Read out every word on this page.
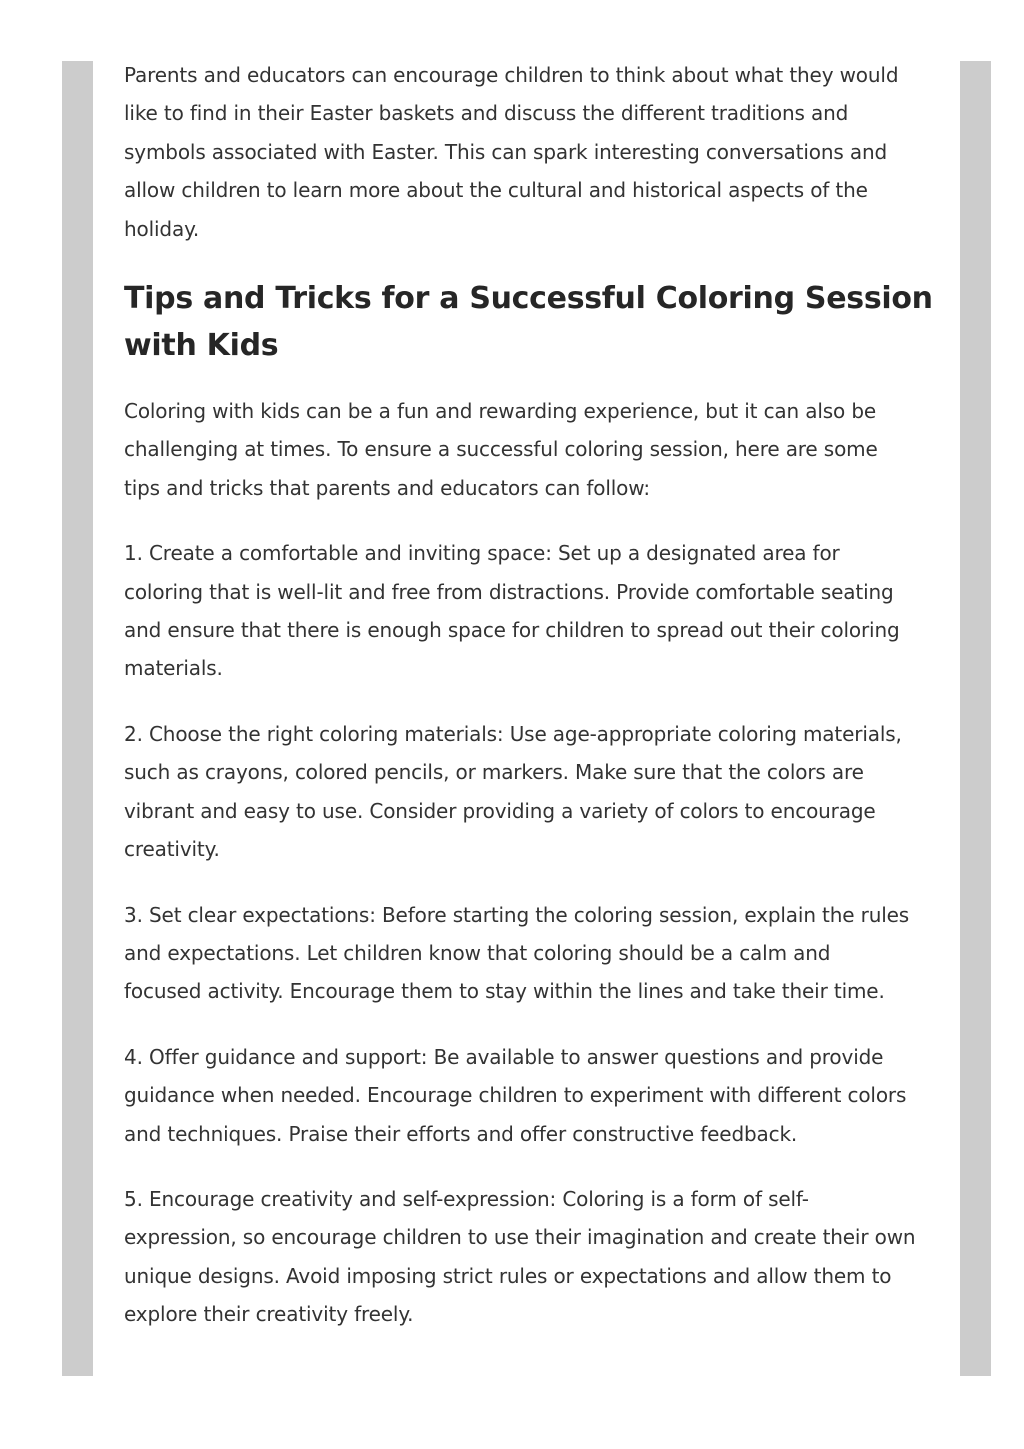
Parents and educators can encourage children to think about what they would
like to find in their Easter baskets and discuss the different traditions and
symbols associated with Easter. This can spark interesting conversations and
allow children to learn more about the cultural and historical aspects of the
holiday.

Tips and Tricks for a Successful Coloring Session
with Kids

Coloring with kids can be a fun and rewarding experience, but it can also be
challenging at times. To ensure a successful coloring session, here are some
tips and tricks that parents and educators can follow:

1. Create a comfortable and inviting space: Set up a designated area for
coloring that is well-lit and free from distractions. Provide comfortable seating
and ensure that there is enough space for children to spread out their coloring
materials.

2. Choose the right coloring materials: Use age-appropriate coloring materials,
such as crayons, colored pencils, or markers. Make sure that the colors are
vibrant and easy to use. Consider providing a variety of colors to encourage
creativity.

3. Set clear expectations: Before starting the coloring session, explain the rules
and expectations. Let children know that coloring should be a calm and
focused activity. Encourage them to stay within the lines and take their time.

4. Offer guidance and support: Be available to answer questions and provide
guidance when needed. Encourage children to experiment with different colors
and techniques. Praise their efforts and offer constructive feedback.

5. Encourage creativity and self-expression: Coloring is a form of self-
expression, so encourage children to use their imagination and create their own
unique designs. Avoid imposing strict rules or expectations and allow them to
explore their creativity freely.
